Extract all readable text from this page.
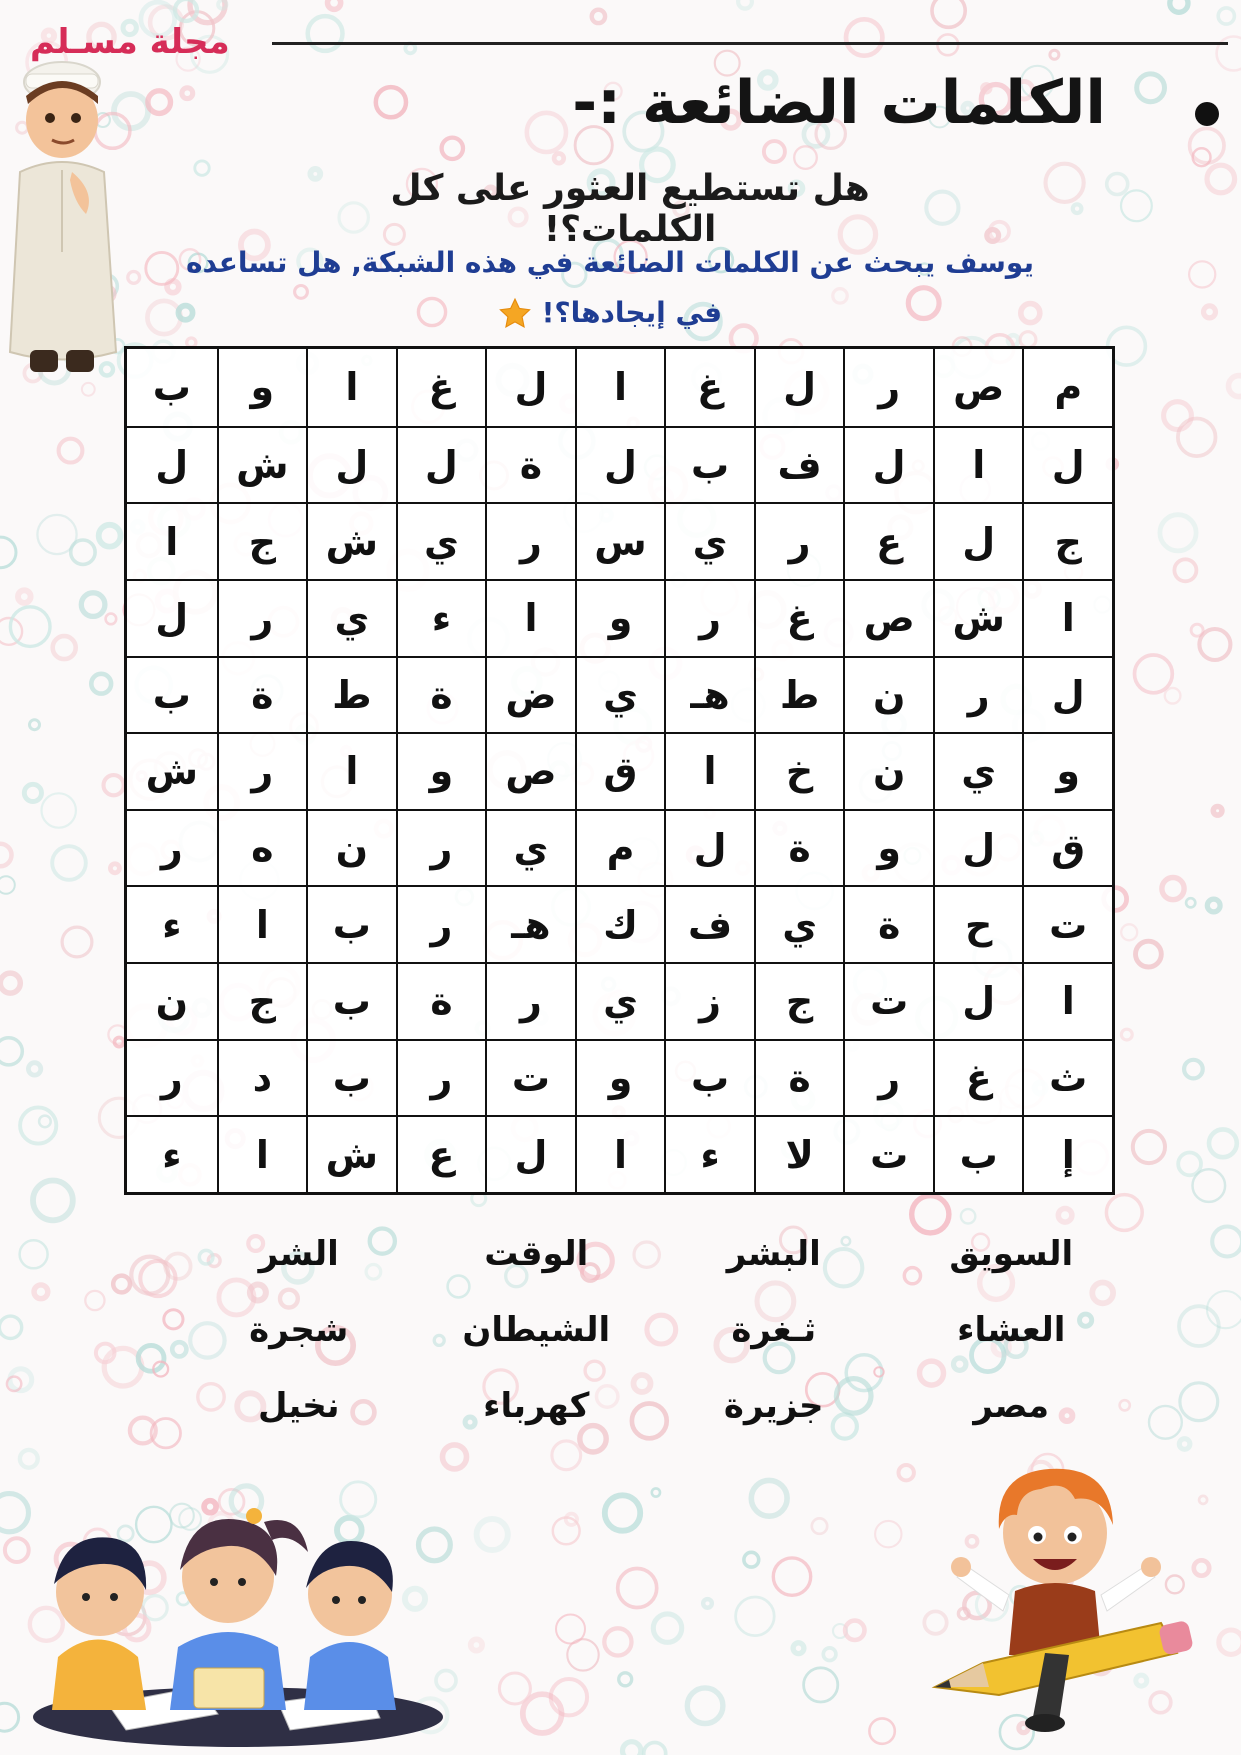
مجلة مسـلم
الكلمات الضائعة :-
هل تستطيع العثور على كل الكلمات؟!
يوسف يبحث عن الكلمات الضائعة في هذه الشبكة, هل تساعده في إيجادها؟!
م
ص
ر
ل
غ
ا
ل
غ
ا
و
ب
ل
ا
ل
ف
ب
ل
ة
ل
ل
ش
ل
ج
ل
ع
ر
ي
س
ر
ي
ش
ج
ا
ا
ش
ص
غ
ر
و
ا
ء
ي
ر
ل
ل
ر
ن
ط
هـ
ي
ض
ة
ط
ة
ب
و
ي
ن
خ
ا
ق
ص
و
ا
ر
ش
ق
ل
و
ة
ل
م
ي
ر
ن
ه
ر
ت
ح
ة
ي
ف
ك
هـ
ر
ب
ا
ء
ا
ل
ت
ج
ز
ي
ر
ة
ب
ج
ن
ث
غ
ر
ة
ب
و
ت
ر
ب
د
ر
إ
ب
ت
لا
ء
ا
ل
ع
ش
ا
ء
السويق
البشر
الوقت
الشر
العشاء
ثـغرة
الشيطان
شجرة
مصر
جزيرة
كهرباء
نخيل
